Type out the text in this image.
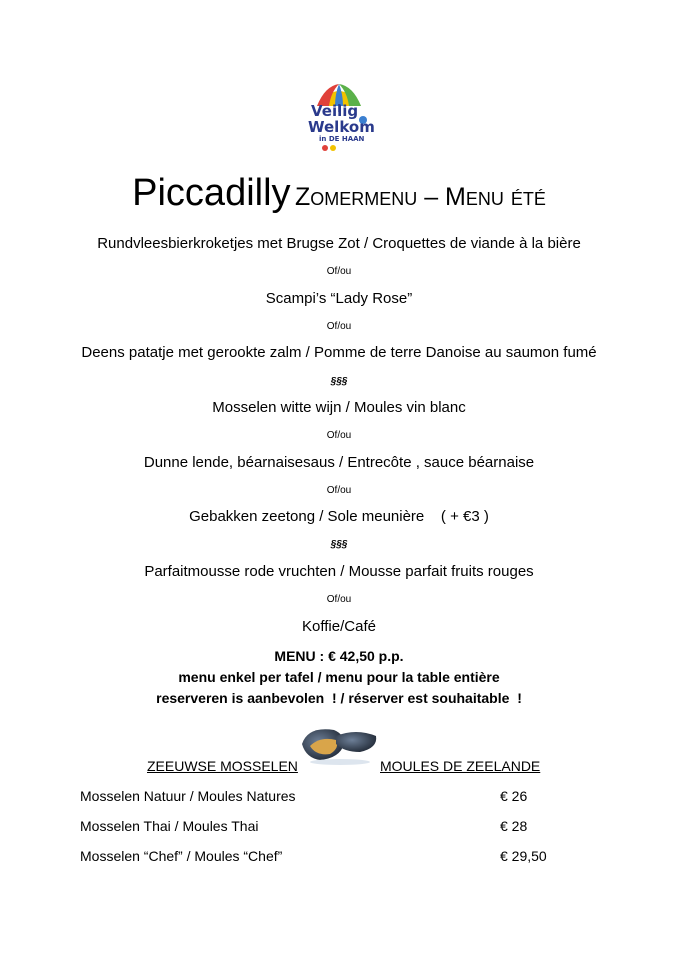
Veilig
Welkom
in DE HAAN
Piccadilly Zomermenu – Menu été
Rundvleesbierkroketjes met Brugse Zot / Croquettes de viande à la bière
Of/ou
Scampi’s “Lady Rose”
Of/ou
Deens patatje met gerookte zalm / Pomme de terre Danoise au saumon fumé
§§§
Mosselen witte wijn / Moules vin blanc
Of/ou
Dunne lende, béarnaisesaus / Entrecôte , sauce béarnaise
Of/ou
Gebakken zeetong / Sole meunière    ( + €3 )
§§§
Parfaitmousse rode vruchten / Mousse parfait fruits rouges
Of/ou
Koffie/Café
MENU : € 42,50 p.p.
menu enkel per tafel / menu pour la table entière
reserveren is aanbevolen  ! / réserver est souhaitable  !
ZEEUWSE MOSSELEN	MOULES DE ZEELANDE
Mosselen Natuur / Moules Natures	€ 26
Mosselen Thai / Moules Thai	€ 28
Mosselen “Chef” / Moules “Chef”	€ 29,50
